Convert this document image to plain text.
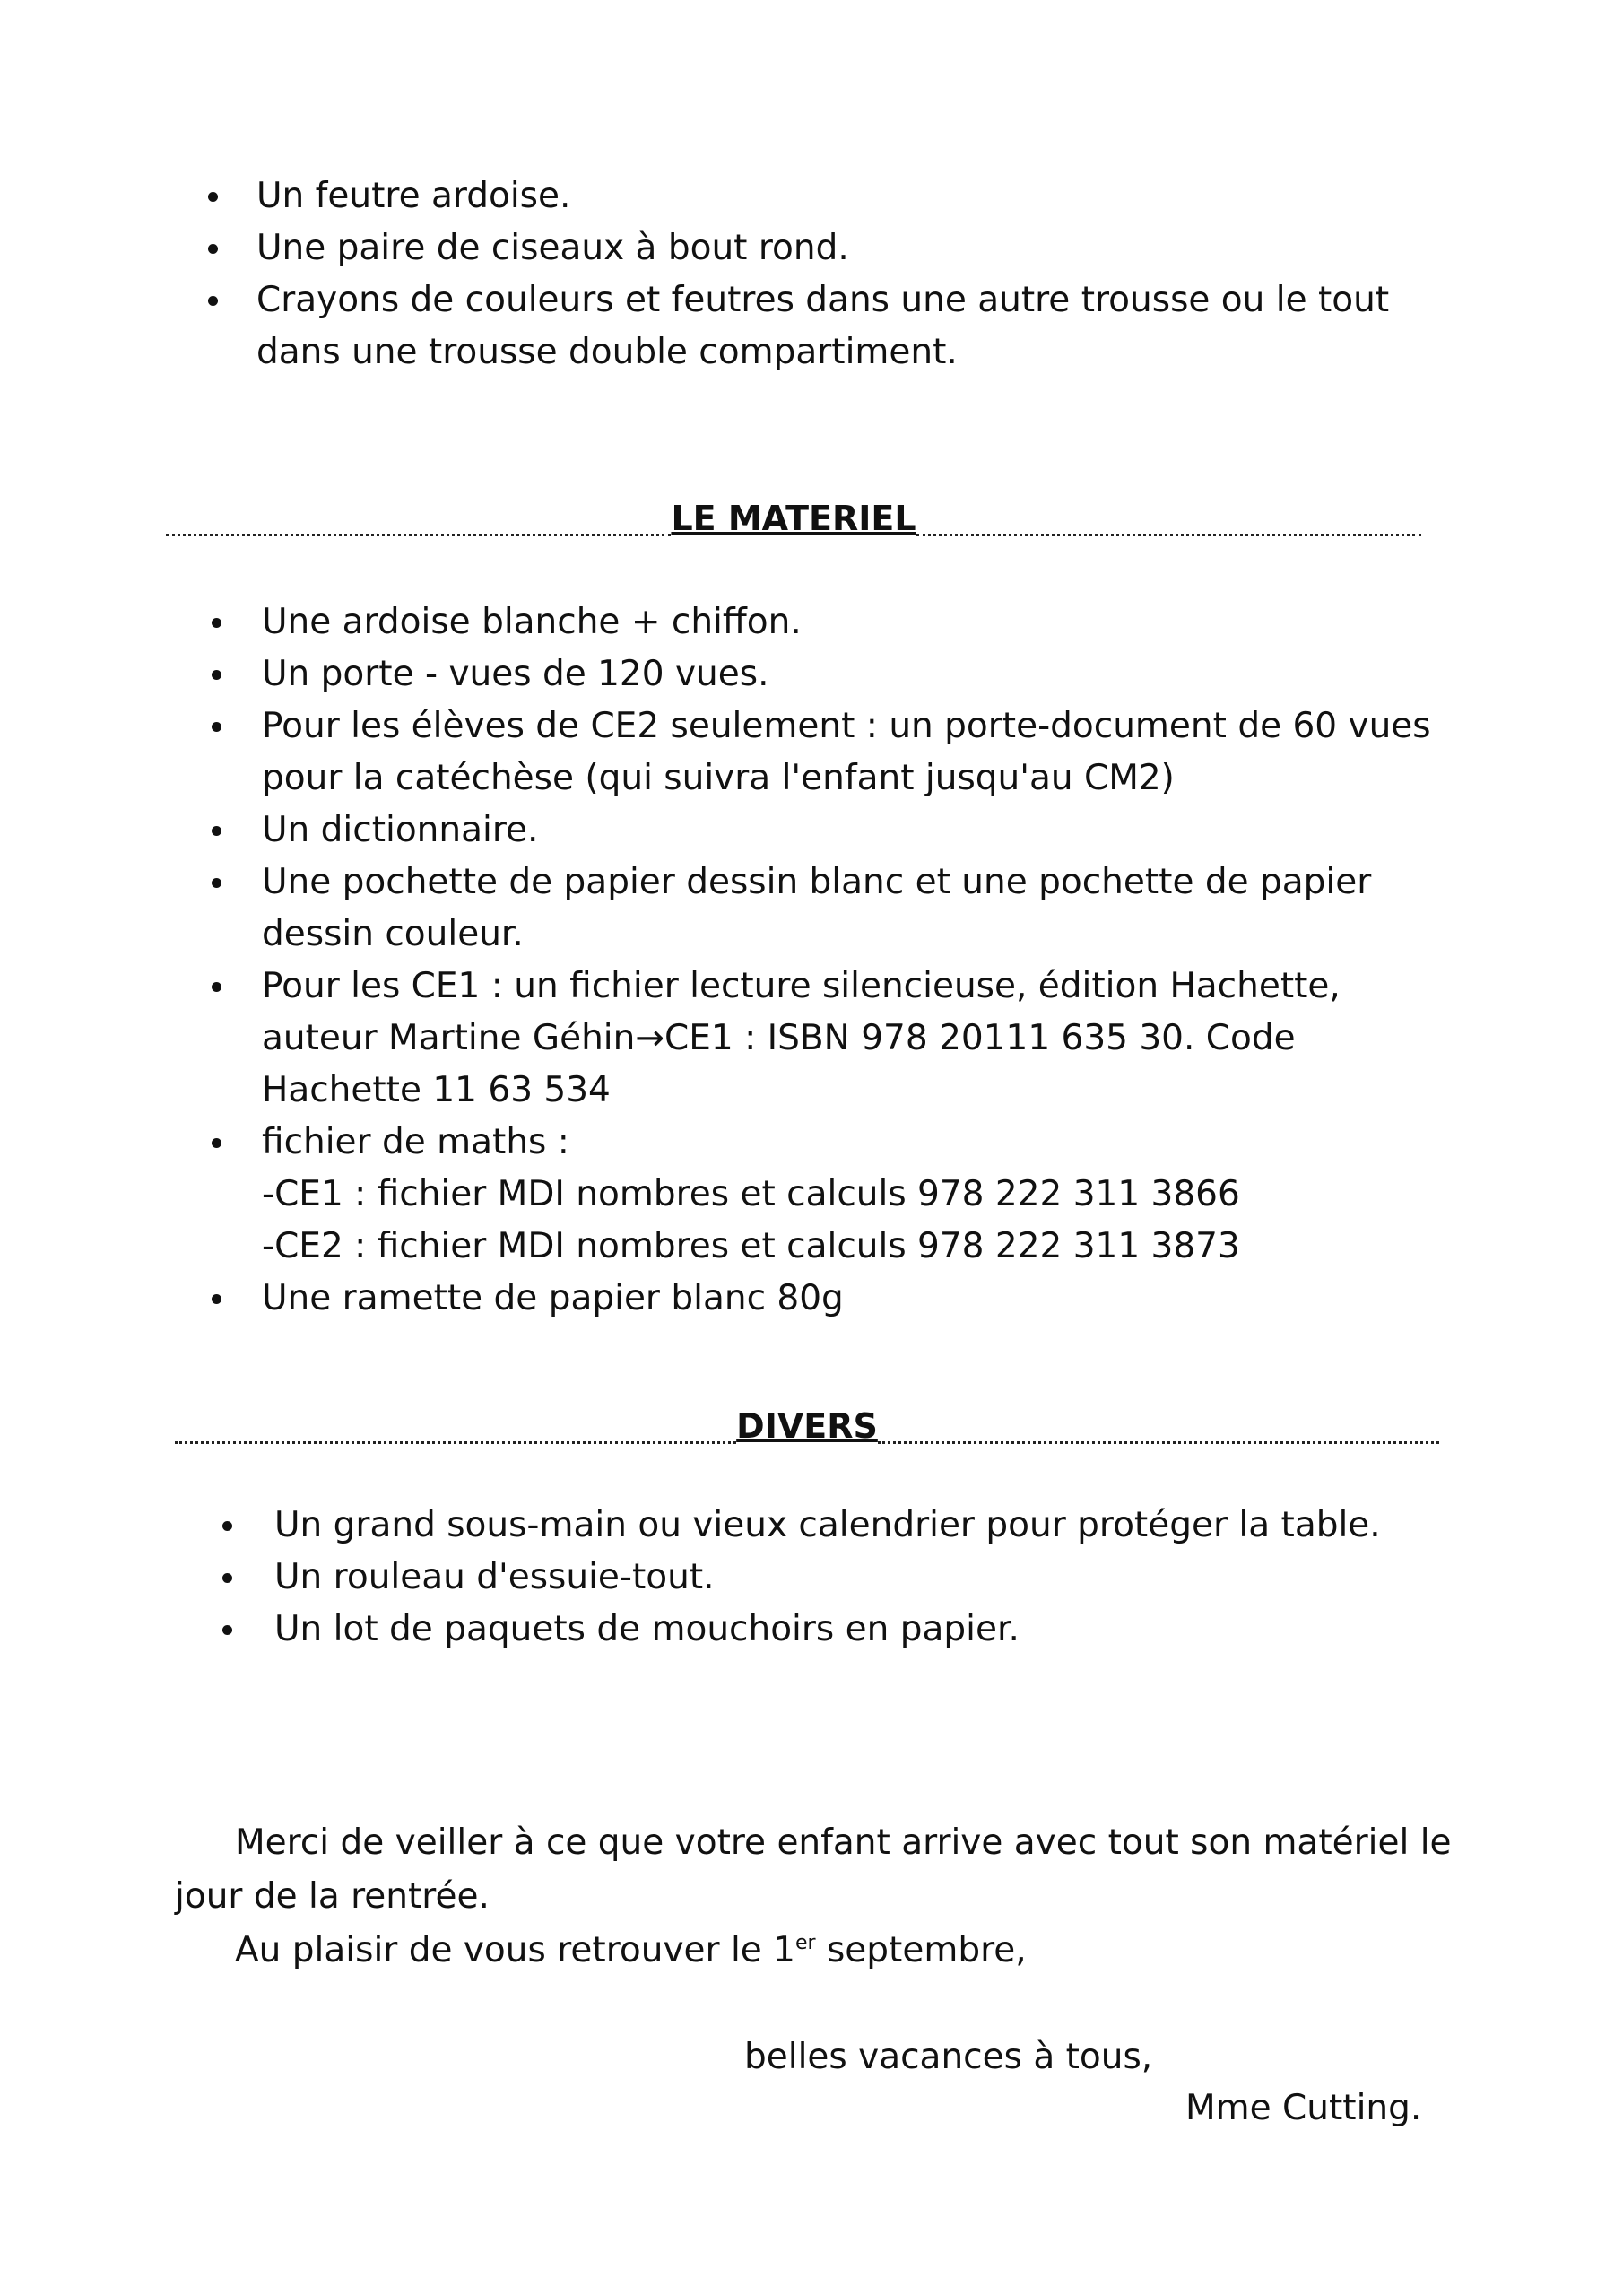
Un feutre ardoise.
Une paire de ciseaux à bout rond.
Crayons de couleurs et feutres dans une autre trousse ou le tout
dans une trousse double compartiment.
LE MATERIEL
Une ardoise blanche + chiffon.
Un porte - vues de 120 vues.
Pour les élèves de CE2 seulement : un porte-document de 60 vues
pour la catéchèse (qui suivra l'enfant jusqu'au CM2)
Un dictionnaire.
Une pochette de papier dessin blanc et une pochette de papier
dessin couleur.
Pour les CE1 : un fichier lecture silencieuse, édition Hachette,
auteur Martine Géhin→CE1 : ISBN 978 20111 635 30. Code
Hachette 11 63 534
fichier de maths :
-CE1 : fichier MDI nombres et calculs 978 222 311 3866
-CE2 : fichier MDI nombres et calculs 978 222 311 3873
Une ramette de papier blanc 80g
DIVERS
Un grand sous-main ou vieux calendrier pour protéger la table.
Un rouleau d'essuie-tout.
Un lot de paquets de mouchoirs en papier.
Merci de veiller à ce que votre enfant arrive avec tout son matériel le
jour de la rentrée.
Au plaisir de vous retrouver le 1er septembre,
belles vacances à tous,
Mme Cutting.
